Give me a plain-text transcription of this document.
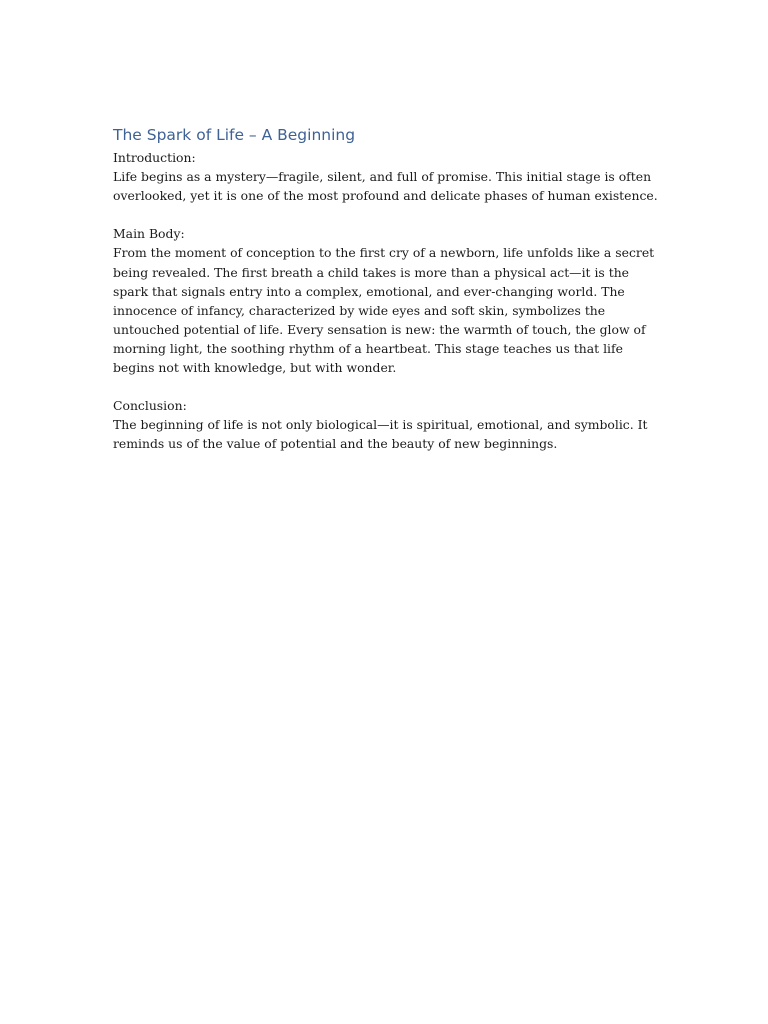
The Spark of Life – A Beginning

Introduction:

Life begins as a mystery—fragile, silent, and full of promise. This initial stage is often overlooked, yet it is one of the most profound and delicate phases of human existence.

Main Body:

From the moment of conception to the first cry of a newborn, life unfolds like a secret being revealed. The first breath a child takes is more than a physical act—it is the spark that signals entry into a complex, emotional, and ever-changing world. The innocence of infancy, characterized by wide eyes and soft skin, symbolizes the untouched potential of life. Every sensation is new: the warmth of touch, the glow of morning light, the soothing rhythm of a heartbeat. This stage teaches us that life begins not with knowledge, but with wonder.

Conclusion:

The beginning of life is not only biological—it is spiritual, emotional, and symbolic. It reminds us of the value of potential and the beauty of new beginnings.
